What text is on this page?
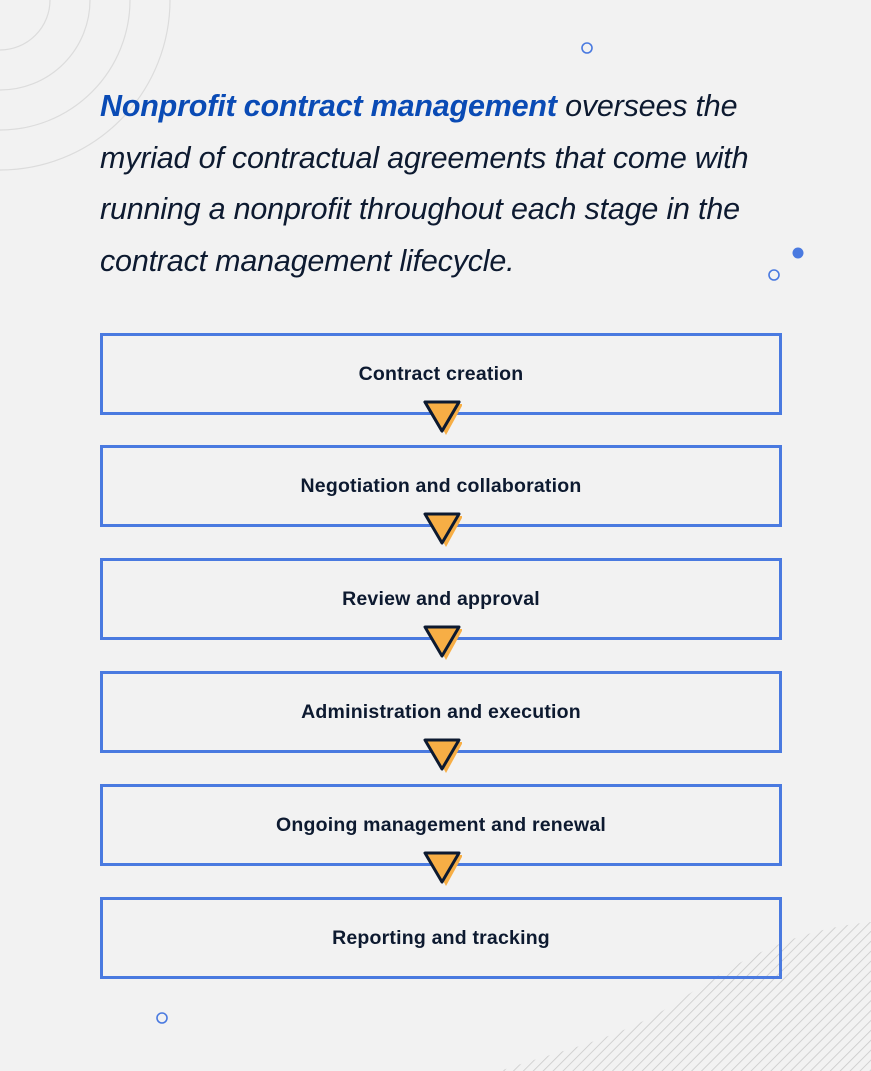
Nonprofit contract management oversees the myriad of contractual agreements that come with running a nonprofit throughout each stage in the contract management lifecycle.
Contract creation
Negotiation and collaboration
Review and approval
Administration and execution
Ongoing management and renewal
Reporting and tracking
